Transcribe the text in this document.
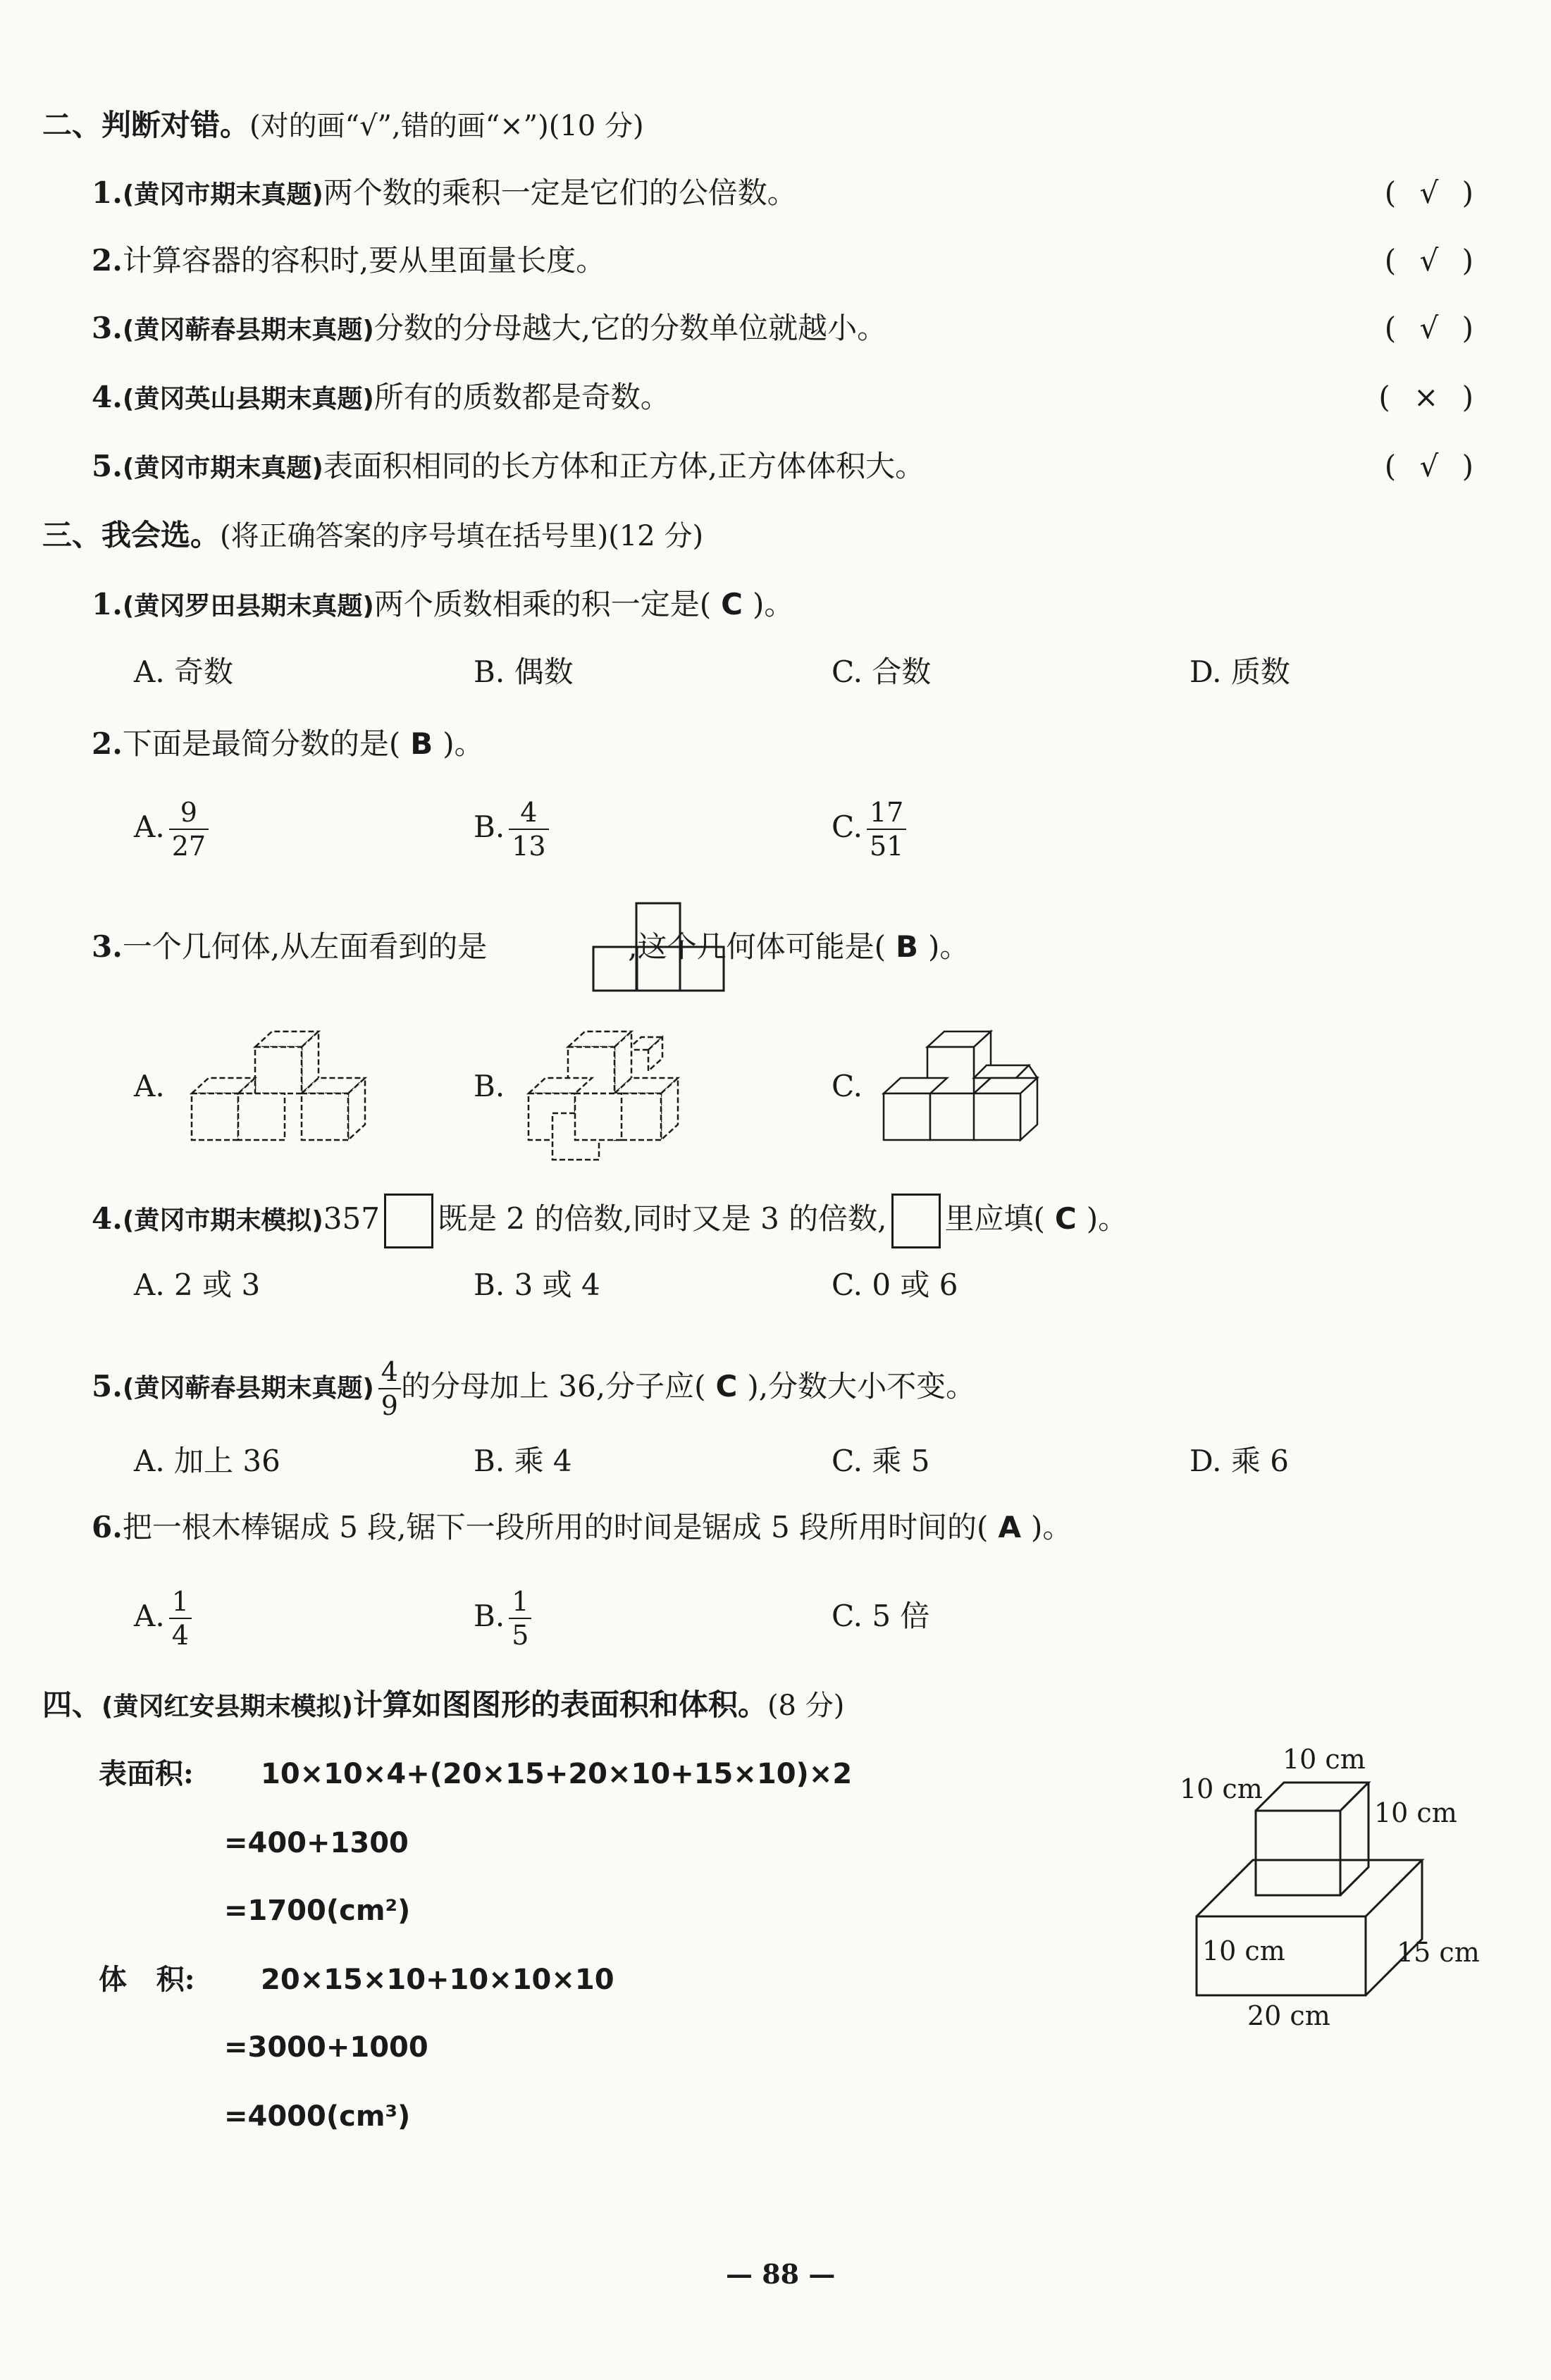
二、判断对错。(对的画“√”,错的画“×”)(10 分)
1.(黄冈市期末真题)两个数的乘积一定是它们的公倍数。	( √ )
2.计算容器的容积时,要从里面量长度。	( √ )
3.(黄冈蕲春县期末真题)分数的分母越大,它的分数单位就越小。	( √ )
4.(黄冈英山县期末真题)所有的质数都是奇数。	( × )
5.(黄冈市期末真题)表面积相同的长方体和正方体,正方体体积大。	( √ )
三、我会选。(将正确答案的序号填在括号里)(12 分)
1.(黄冈罗田县期末真题)两个质数相乘的积一定是( C )。
A. 奇数	B. 偶数	C. 合数	D. 质数
2.下面是最简分数的是( B )。
A. $\frac{9}{27}$	B. $\frac{4}{13}$	C. $\frac{17}{51}$
3.一个几何体,从左面看到的是	,这个几何体可能是( B )。
A.	B.	C.
4.(黄冈市期末模拟)357 既是 2 的倍数,同时又是 3 的倍数, 里应填( C )。
A. 2 或 3	B. 3 或 4	C. 0 或 6
5.(黄冈蕲春县期末真题) $\frac{4}{9}$ 的分母加上 36,分子应( C ),分数大小不变。
A. 加上 36	B. 乘 4	C. 乘 5	D. 乘 6
6.把一根木棒锯成 5 段,锯下一段所用的时间是锯成 5 段所用时间的( A )。
A. $\frac{1}{4}$	B. $\frac{1}{5}$	C. 5 倍
四、(黄冈红安县期末模拟)计算如图图形的表面积和体积。(8 分)
表面积: 10×10×4+(20×15+20×10+15×10)×2
=400+1300
=1700(cm²)
体   积: 20×15×10+10×10×10
=3000+1000
=4000(cm³)
10 cm
10 cm
10 cm
10 cm	15 cm
20 cm
— 88 —
